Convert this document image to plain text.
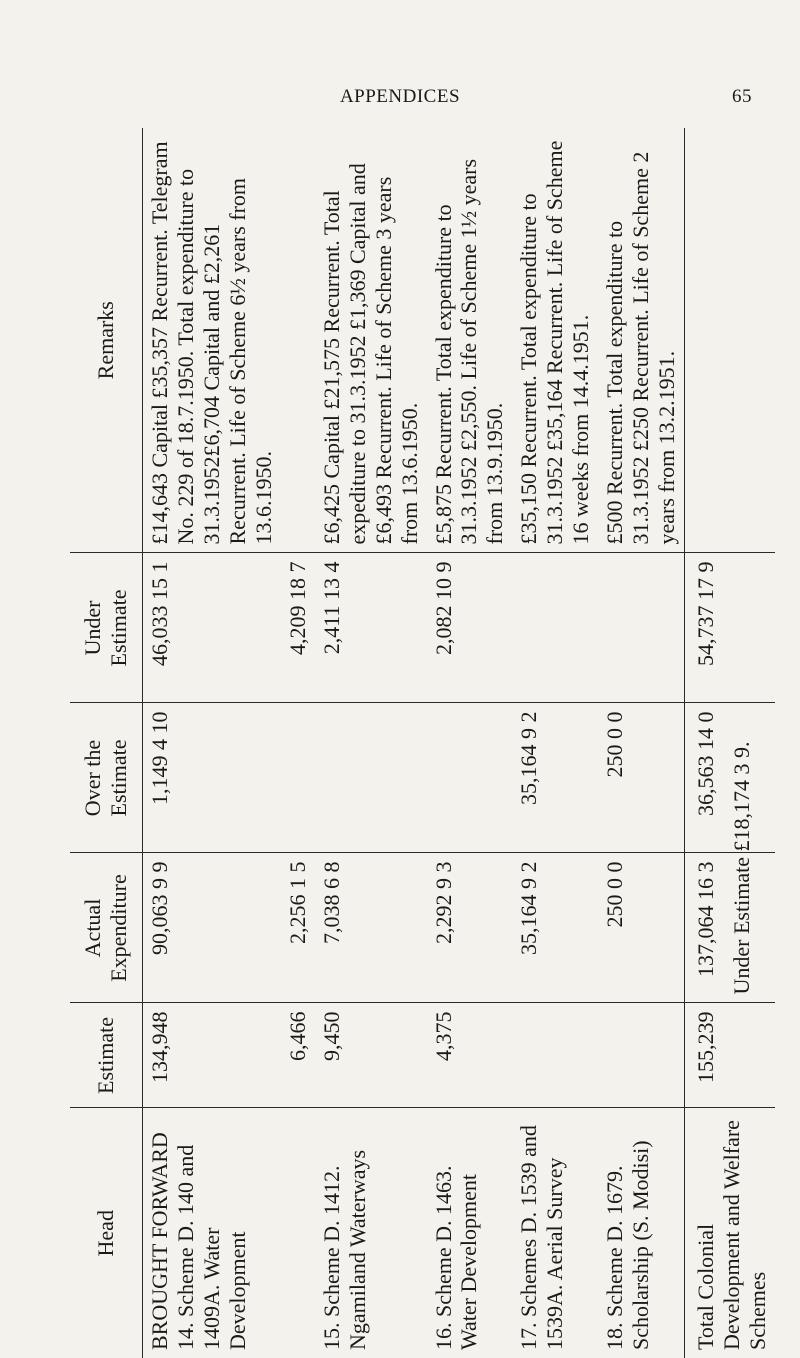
APPENDICES	65
Head	Estimate	Actual Expenditure	Over the Estimate	Under Estimate	Remarks
BROUGHT FORWARD 14. Scheme D. 140 and 1409A. Water Development	134,948	90,063 9 9	1,149 4 10	46,033 15 1	£14,643 Capital £35,357 Recurrent. Telegram No. 229 of 18.7.1950. Total expenditure to 31.3.1952£6,704 Capital and £2,261 Recurrent. Life of Scheme 6½ years from 13.6.1950.
	6,466	2,256 1 5		4,209 18 7	
15. Scheme D. 1412. Ngamiland Waterways	9,450	7,038 6 8		2,411 13 4	£6,425 Capital £21,575 Recurrent. Total expediture to 31.3.1952 £1,369 Capital and £6,493 Recurrent. Life of Scheme 3 years from 13.6.1950.
16. Scheme D. 1463. Water Development	4,375	2,292 9 3		2,082 10 9	£5,875 Recurrent. Total expenditure to 31.3.1952 £2,550. Life of Scheme 1½ years from 13.9.1950.
17. Schemes D. 1539 and 1539A. Aerial Survey		35,164 9 2	35,164 9 2		£35,150 Recurrent. Total expenditure to 31.3.1952 £35,164 Recurrent. Life of Scheme 16 weeks from 14.4.1951.
18. Scheme D. 1679. Scholarship (S. Modisi)		250 0 0	250 0 0		£500 Recurrent. Total expenditure to 31.3.1952 £250 Recurrent. Life of Scheme 2 years from 13.2.1951.
Total Colonial Development and Welfare Schemes	155,239	137,064 16 3 Under Estimate £18,174 3 9.	36,563 14 0	54,737 17 9	
